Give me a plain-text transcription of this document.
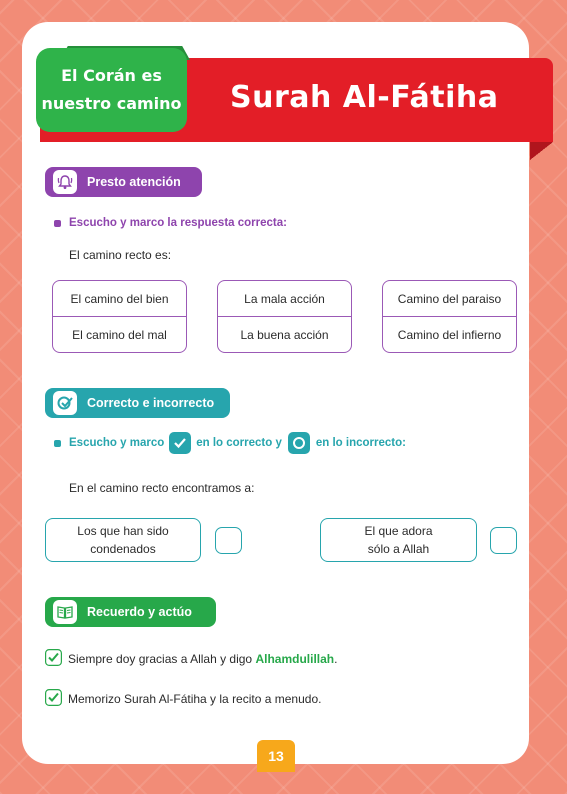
El Corán es
nuestro camino Surah Al-Fátiha
Presto atención
Escucho y marco la respuesta correcta:
El camino recto es:
El camino del bien
El camino del mal
La mala acción
La buena acción
Camino del paraiso
Camino del infierno
Correcto e incorrecto
Escucho y marco	en lo correcto y	en lo incorrecto:
En el camino recto encontramos a:
Los que han sido
condenados
El que adora
sólo a Allah
Recuerdo y actúo
Siempre doy gracias a Allah y digo Alhamdulillah .
Memorizo Surah Al-Fátiha y la recito a menudo.
13
